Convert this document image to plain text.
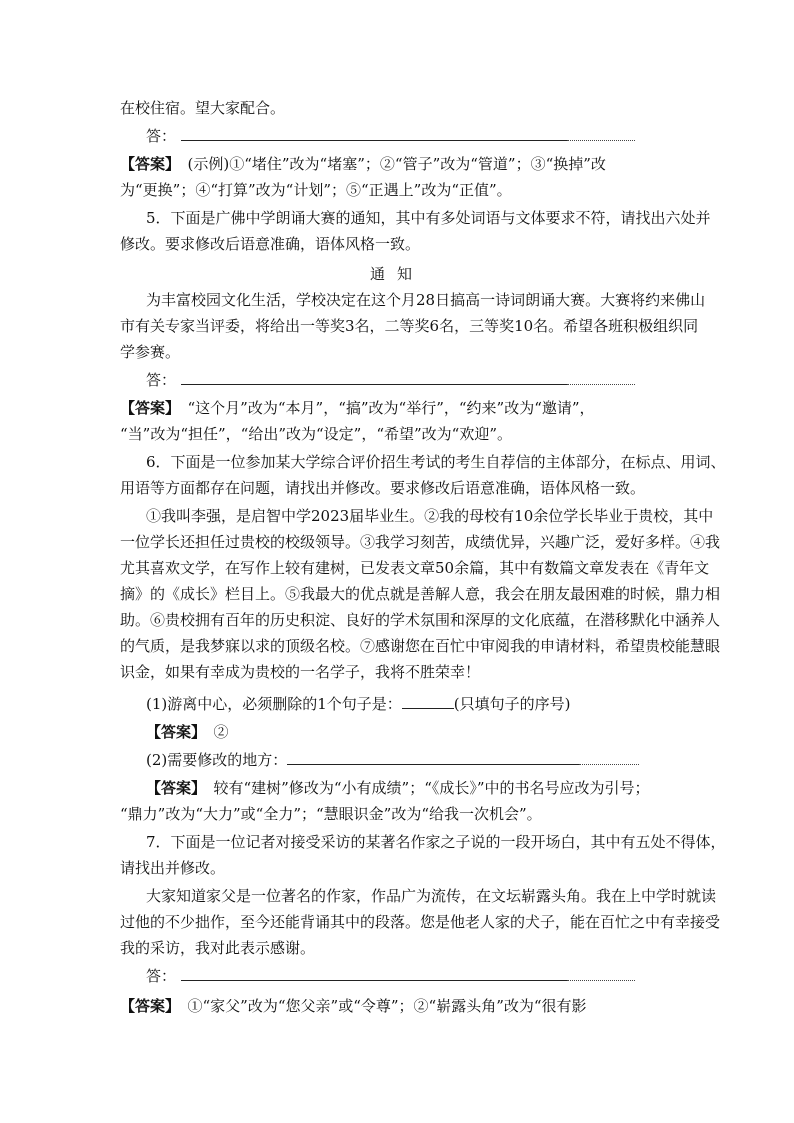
在校住宿。望大家配合。
答：
【答案】　(示例)①“堵住”改为“堵塞”；②“管子”改为“管道”；③“换掉”改
为“更换”；④“打算”改为“计划”；⑤“正遇上”改为“正值”。
5．下面是广佛中学朗诵大赛的通知，其中有多处词语与文体要求不符，请找出六处并
修改。要求修改后语意准确，语体风格一致。
通知
为丰富校园文化生活，学校决定在这个月28日搞高一诗词朗诵大赛。大赛将约来佛山
市有关专家当评委，将给出一等奖3名，二等奖6名，三等奖10名。希望各班积极组织同
学参赛。
答：
【答案】　“这个月”改为“本月”，“搞”改为“举行”，“约来”改为“邀请”，
“当”改为“担任”，“给出”改为“设定”，“希望”改为“欢迎”。
6．下面是一位参加某大学综合评价招生考试的考生自荐信的主体部分，在标点、用词、
用语等方面都存在问题，请找出并修改。要求修改后语意准确，语体风格一致。
①我叫李强，是启智中学2023届毕业生。②我的母校有10余位学长毕业于贵校，其中
一位学长还担任过贵校的校级领导。③我学习刻苦，成绩优异，兴趣广泛，爱好多样。④我
尤其喜欢文学，在写作上较有建树，已发表文章50余篇，其中有数篇文章发表在《青年文
摘》的《成长》栏目上。⑤我最大的优点就是善解人意，我会在朋友最困难的时候，鼎力相
助。⑥贵校拥有百年的历史积淀、良好的学术氛围和深厚的文化底蕴，在潜移默化中涵养人
的气质，是我梦寐以求的顶级名校。⑦感谢您在百忙中审阅我的申请材料，希望贵校能慧眼
识金，如果有幸成为贵校的一名学子，我将不胜荣幸！
(1)游离中心，必须删除的1个句子是：	(只填句子的序号)
【答案】　②
(2)需要修改的地方：
【答案】　较有“建树”修改为“小有成绩”；“《成长》”中的书名号应改为引号；
“鼎力”改为“大力”或“全力”；“慧眼识金”改为“给我一次机会”。
7．下面是一位记者对接受采访的某著名作家之子说的一段开场白，其中有五处不得体，
请找出并修改。
大家知道家父是一位著名的作家，作品广为流传，在文坛崭露头角。我在上中学时就读
过他的不少拙作，至今还能背诵其中的段落。您是他老人家的犬子，能在百忙之中有幸接受
我的采访，我对此表示感谢。
答：
【答案】　①“家父”改为“您父亲”或“令尊”；②“崭露头角”改为“很有影
